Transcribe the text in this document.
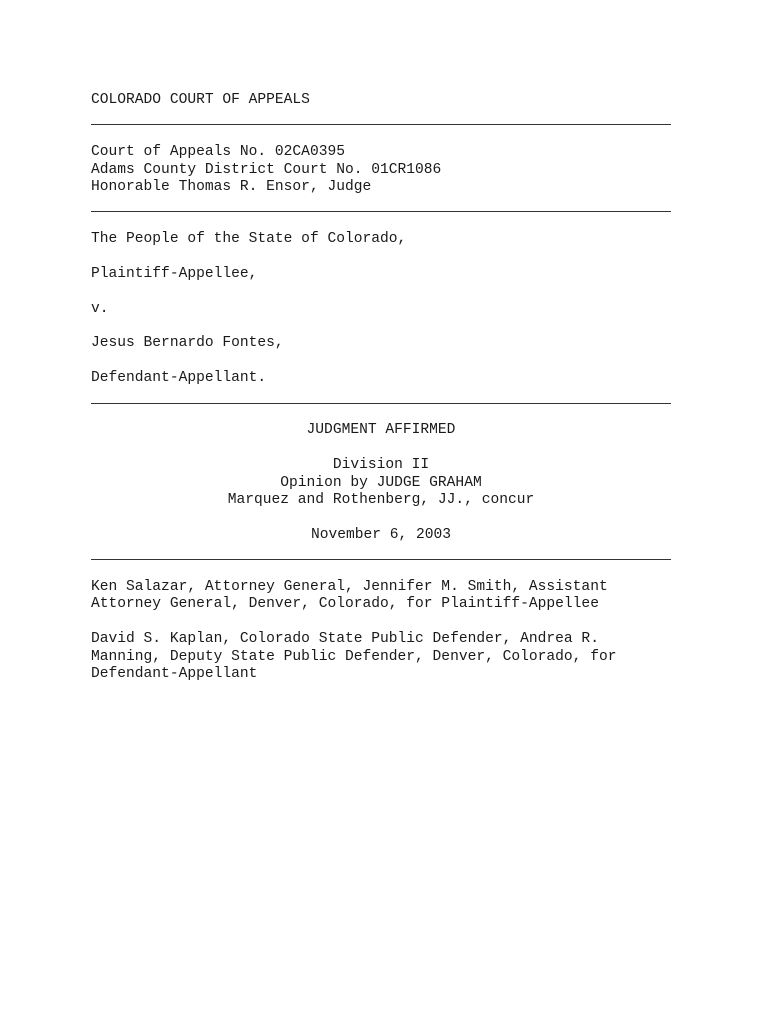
COLORADO COURT OF APPEALS
Court of Appeals No. 02CA0395
Adams County District Court No. 01CR1086
Honorable Thomas R. Ensor, Judge
The People of the State of Colorado,
Plaintiff-Appellee,
v.
Jesus Bernardo Fontes,
Defendant-Appellant.
JUDGMENT AFFIRMED
Division II
Opinion by JUDGE GRAHAM
Marquez and Rothenberg, JJ., concur
November 6, 2003
Ken Salazar, Attorney General, Jennifer M. Smith, Assistant
Attorney General, Denver, Colorado, for Plaintiff-Appellee
David S. Kaplan, Colorado State Public Defender, Andrea R.
Manning, Deputy State Public Defender, Denver, Colorado, for
Defendant-Appellant
